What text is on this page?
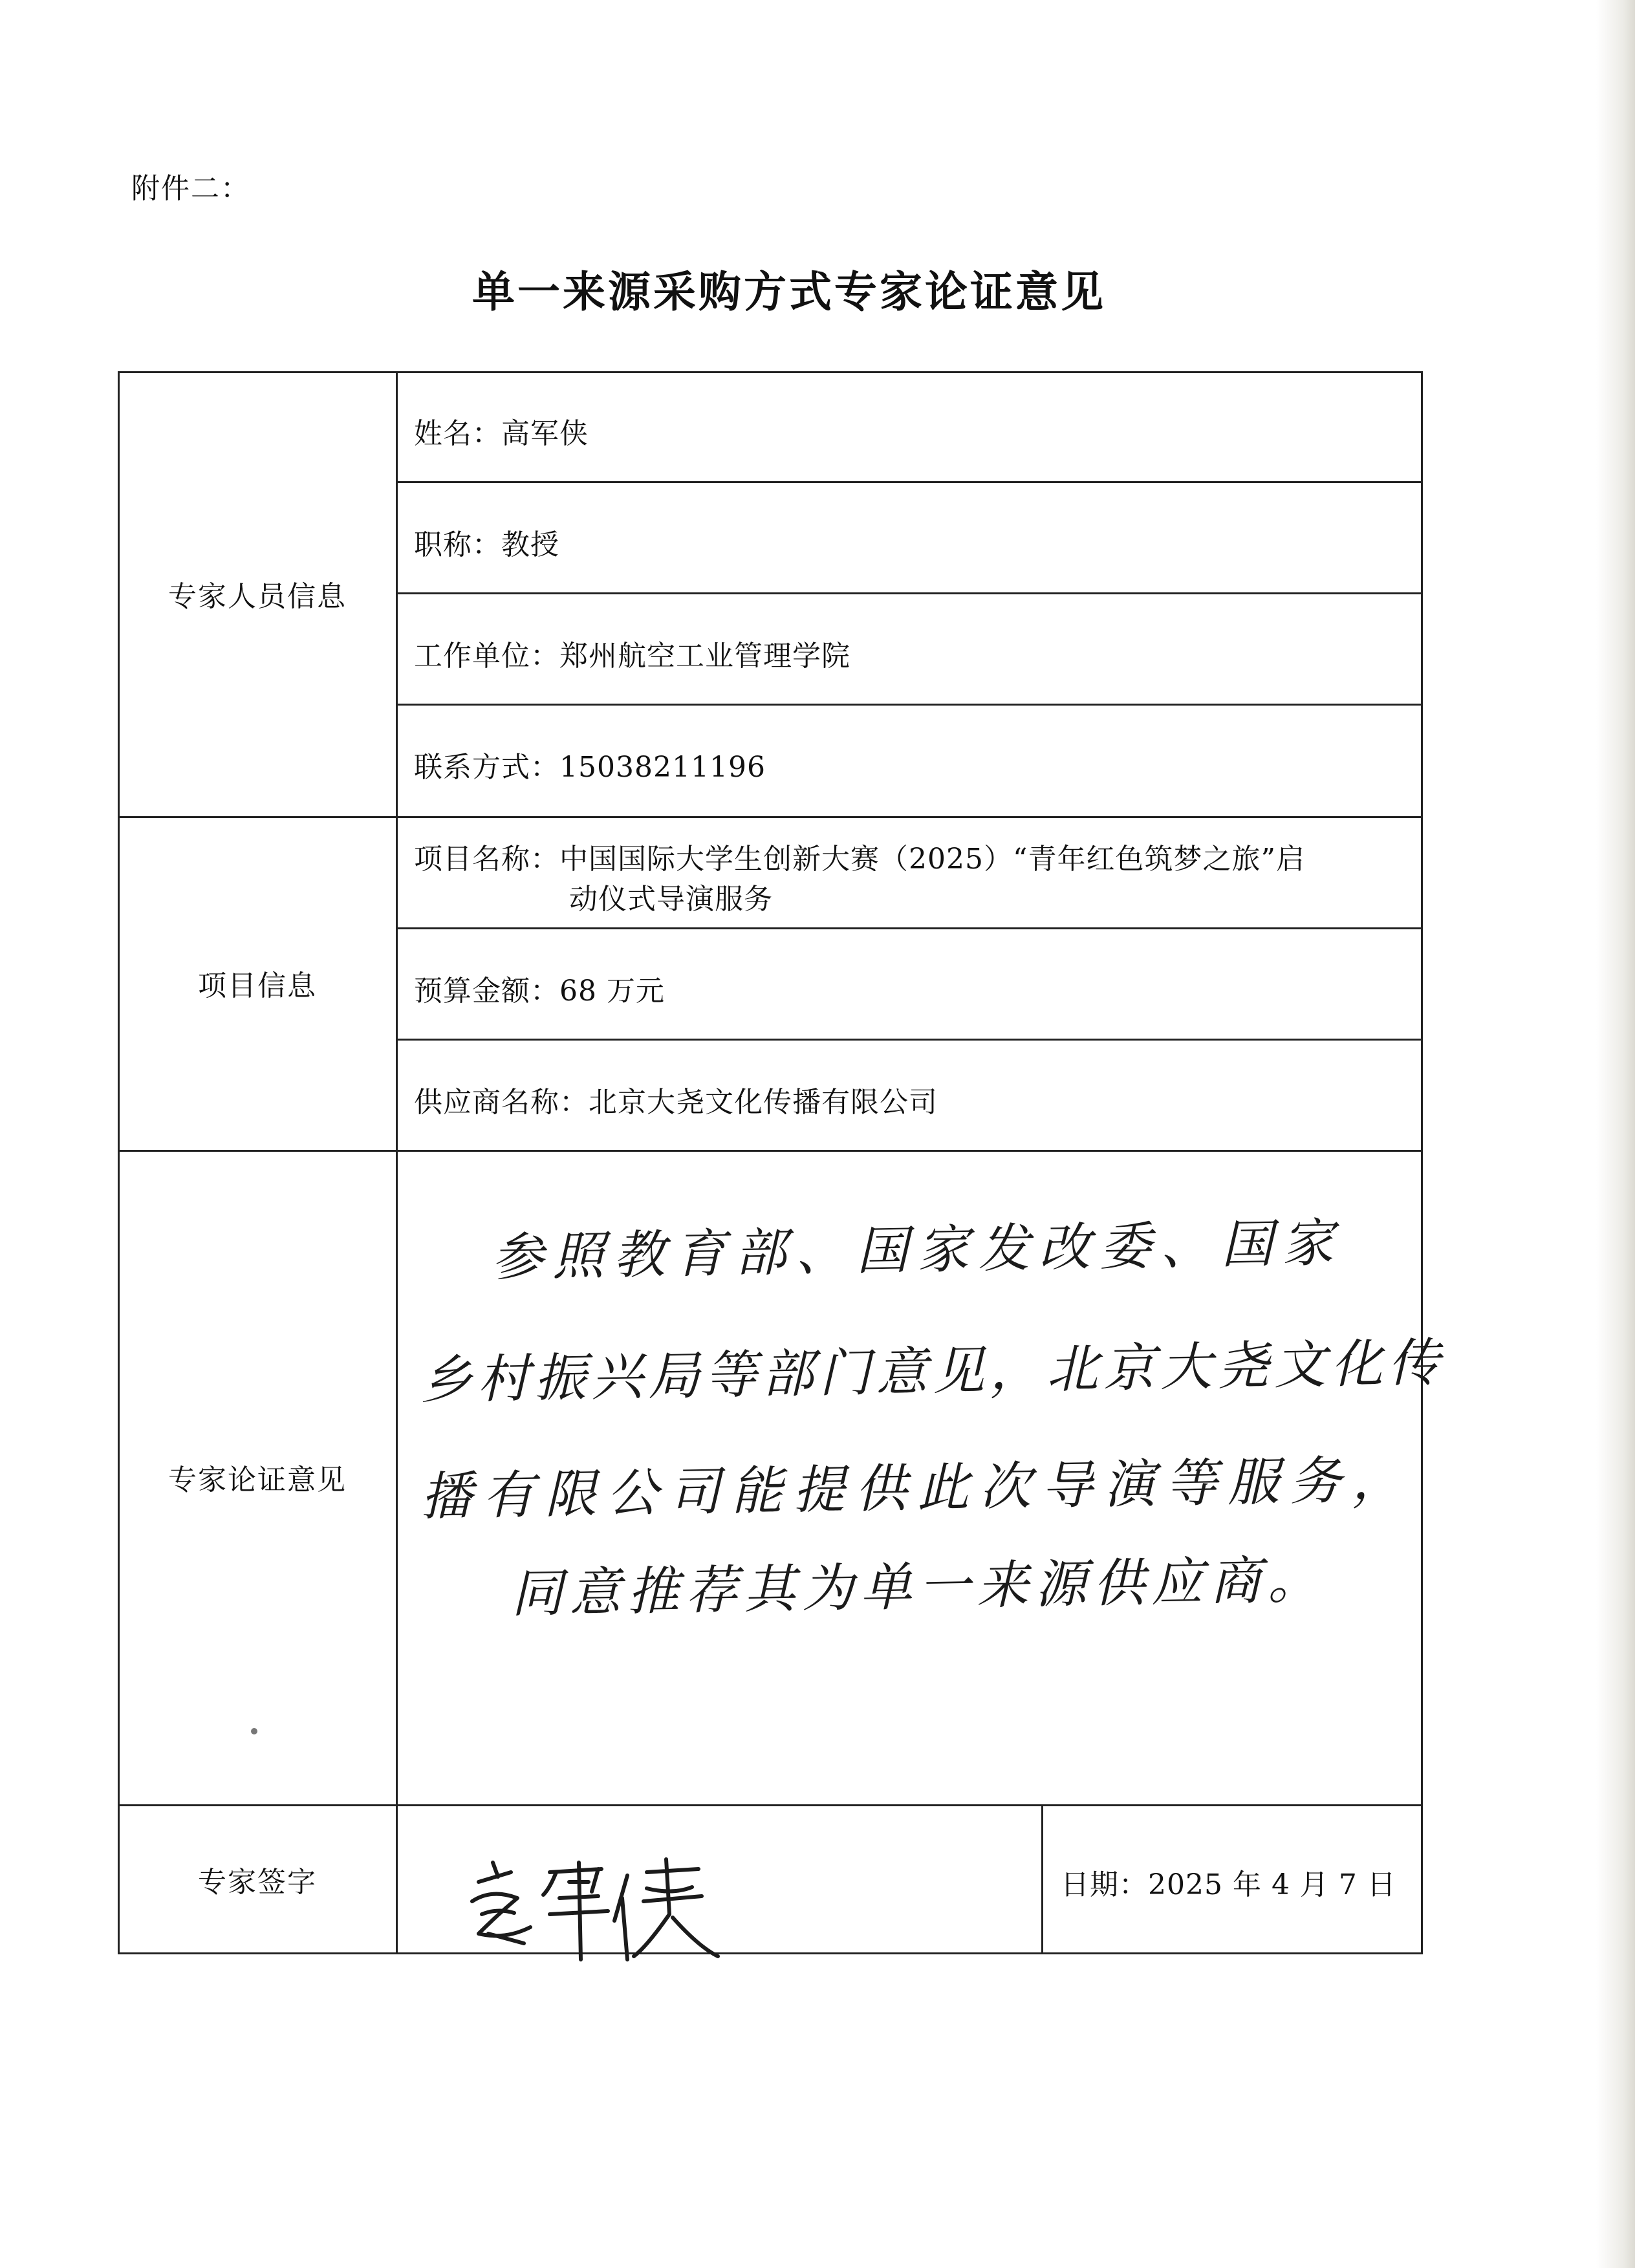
附件二：
单一来源采购方式专家论证意见
专家人员信息
项目信息
专家论证意见
专家签字
姓名：高军侠
职称：教授
工作单位：郑州航空工业管理学院
联系方式：15038211196
项目名称：中国国际大学生创新大赛（2025）“青年红色筑梦之旅”启
动仪式导演服务
预算金额：68 万元
供应商名称：北京大尧文化传播有限公司
参照教育部、国家发改委、国家
乡村振兴局等部门意见，北京大尧文化传
播有限公司能提供此次导演等服务，
同意推荐其为单一来源供应商。
日期：2025 年 4 月 7 日
